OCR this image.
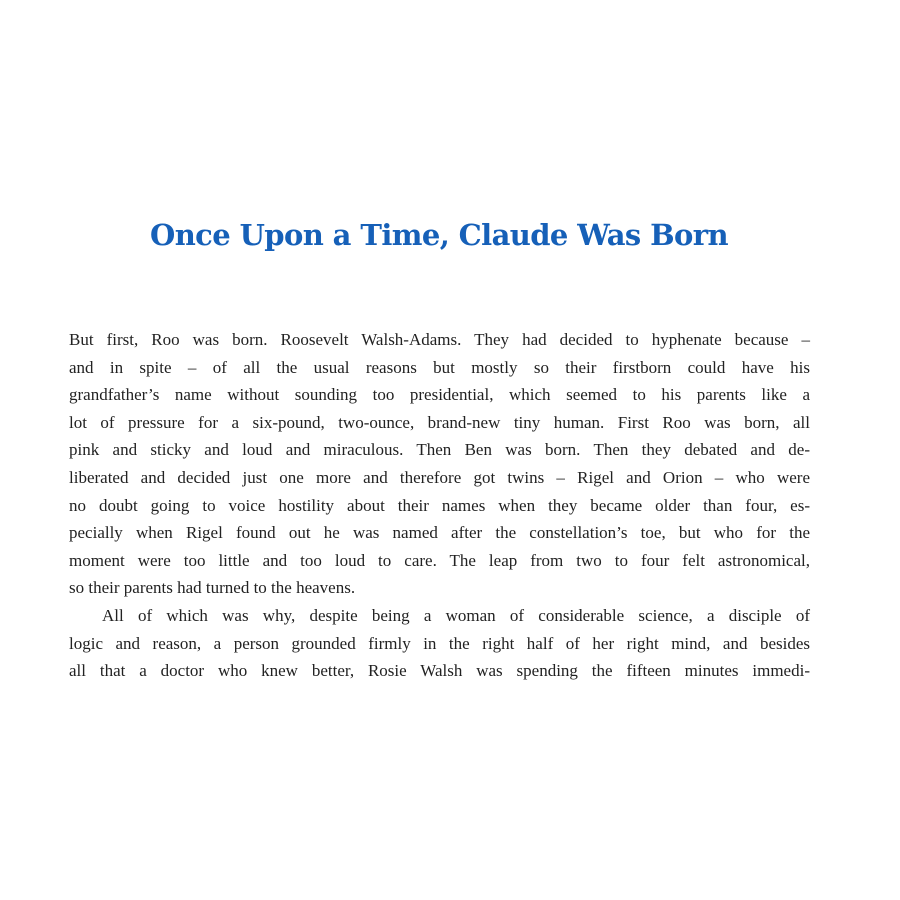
Once Upon a Time, Claude Was Born
But first, Roo was born. Roosevelt Walsh-Adams. They had decided to hyphenate because –
and in spite – of all the usual reasons but mostly so their firstborn could have his
grandfather’s name without sounding too presidential, which seemed to his parents like a
lot of pressure for a six-pound, two-ounce, brand-new tiny human. First Roo was born, all
pink and sticky and loud and miraculous. Then Ben was born. Then they debated and de-
liberated and decided just one more and therefore got twins – Rigel and Orion – who were
no doubt going to voice hostility about their names when they became older than four, es-
pecially when Rigel found out he was named after the constellation’s toe, but who for the
moment were too little and too loud to care. The leap from two to four felt astronomical,
so their parents had turned to the heavens.
All of which was why, despite being a woman of considerable science, a disciple of
logic and reason, a person grounded firmly in the right half of her right mind, and besides
all that a doctor who knew better, Rosie Walsh was spending the fifteen minutes immedi-
